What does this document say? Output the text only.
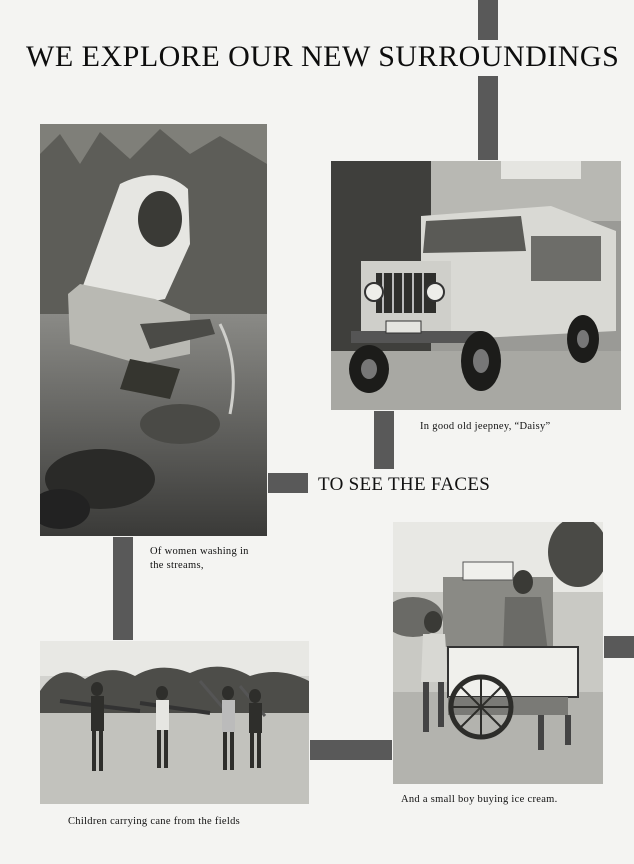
WE EXPLORE OUR NEW SURROUNDINGS

In good old jeepney, “Daisy”

TO SEE THE FACES
Of women washing in
the streams,

And a small boy buying ice cream.

Children carrying cane from the fields
